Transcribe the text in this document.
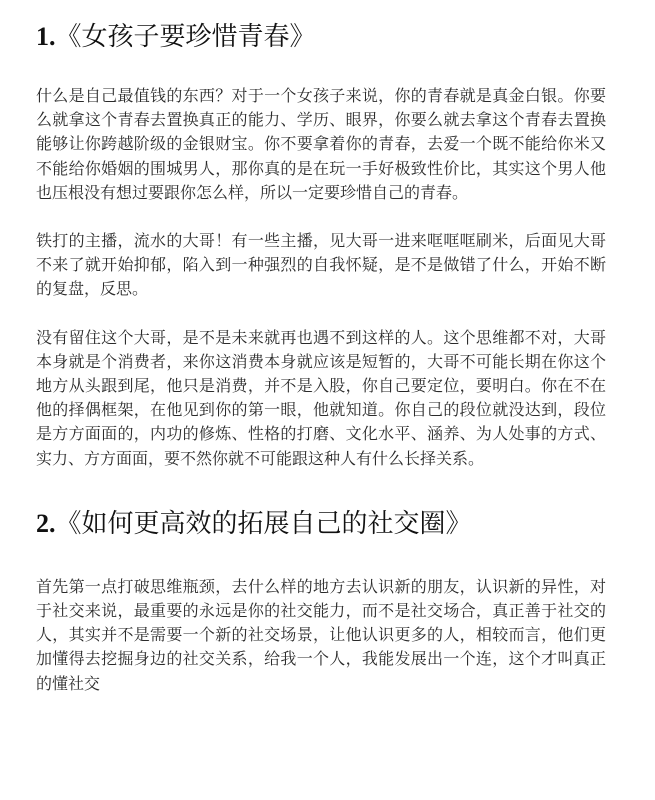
1.《女孩子要珍惜青春》

什么是自己最值钱的东西？对于一个女孩子来说，你的青春就是真金白银。你要么就拿这个青春去置换真正的能力、学历、眼界，你要么就去拿这个青春去置换能够让你跨越阶级的金银财宝。你不要拿着你的青春，去爱一个既不能给你米又不能给你婚姻的围城男人，那你真的是在玩一手好极致性价比，其实这个男人他也压根没有想过要跟你怎么样，所以一定要珍惜自己的青春。

铁打的主播，流水的大哥！有一些主播，见大哥一进来哐哐哐刷米，后面见大哥不来了就开始抑郁，陷入到一种强烈的自我怀疑，是不是做错了什么，开始不断的复盘，反思。

没有留住这个大哥，是不是未来就再也遇不到这样的人。这个思维都不对，大哥本身就是个消费者，来你这消费本身就应该是短暂的，大哥不可能长期在你这个地方从头跟到尾，他只是消费，并不是入股，你自己要定位，要明白。你在不在他的择偶框架，在他见到你的第一眼，他就知道。你自己的段位就没达到，段位是方方面面的，内功的修炼、性格的打磨、文化水平、涵养、为人处事的方式、实力、方方面面，要不然你就不可能跟这种人有什么长择关系。

2.《如何更高效的拓展自己的社交圈》

首先第一点打破思维瓶颈，去什么样的地方去认识新的朋友，认识新的异性，对于社交来说，最重要的永远是你的社交能力，而不是社交场合，真正善于社交的人，其实并不是需要一个新的社交场景，让他认识更多的人，相较而言，他们更加懂得去挖掘身边的社交关系，给我一个人，我能发展出一个连，这个才叫真正的懂社交
